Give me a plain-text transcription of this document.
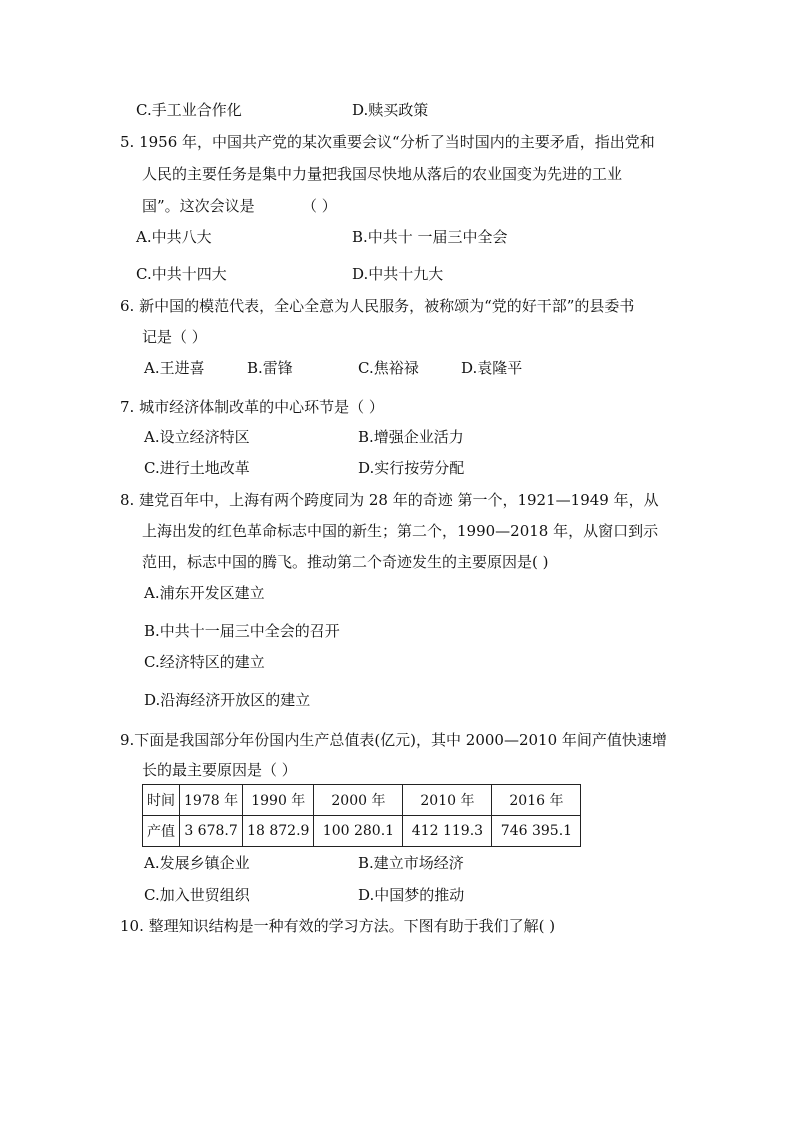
C.手工业合作化	D.赎买政策
5. 1956 年，中国共产党的某次重要会议“分析了当时国内的主要矛盾，指出党和
人民的主要任务是集中力量把我国尽快地从落后的农业国变为先进的工业
国”。这次会议是	（ ）
A.中共八大	B.中共十 一届三中全会
C.中共十四大	D.中共十九大
6. 新中国的模范代表，全心全意为人民服务，被称颂为“党的好干部”的县委书
记是（ ）
A.王进喜	B.雷锋	C.焦裕禄	D.袁隆平
7. 城市经济体制改革的中心环节是（ ）
A.设立经济特区	B.增强企业活力
C.进行土地改革	D.实行按劳分配
8. 建党百年中，上海有两个跨度同为 28 年的奇迹 第一个，1921—1949 年，从
上海出发的红色革命标志中国的新生；第二个，1990—2018 年，从窗口到示
范田，标志中国的腾飞。推动第二个奇迹发生的主要原因是( )
A.浦东开发区建立
B.中共十一届三中全会的召开
C.经济特区的建立
D.沿海经济开放区的建立
9.下面是我国部分年份国内生产总值表(亿元)，其中 2000—2010 年间产值快速增
长的最主要原因是（ ）
时间	1978 年	1990 年	2000 年	2010 年	2016 年
产值	3 678.7	18 872.9	100 280.1	412 119.3	746 395.1
A.发展乡镇企业	B.建立市场经济
C.加入世贸组织	D.中国梦的推动
10. 整理知识结构是一种有效的学习方法。下图有助于我们了解( )
